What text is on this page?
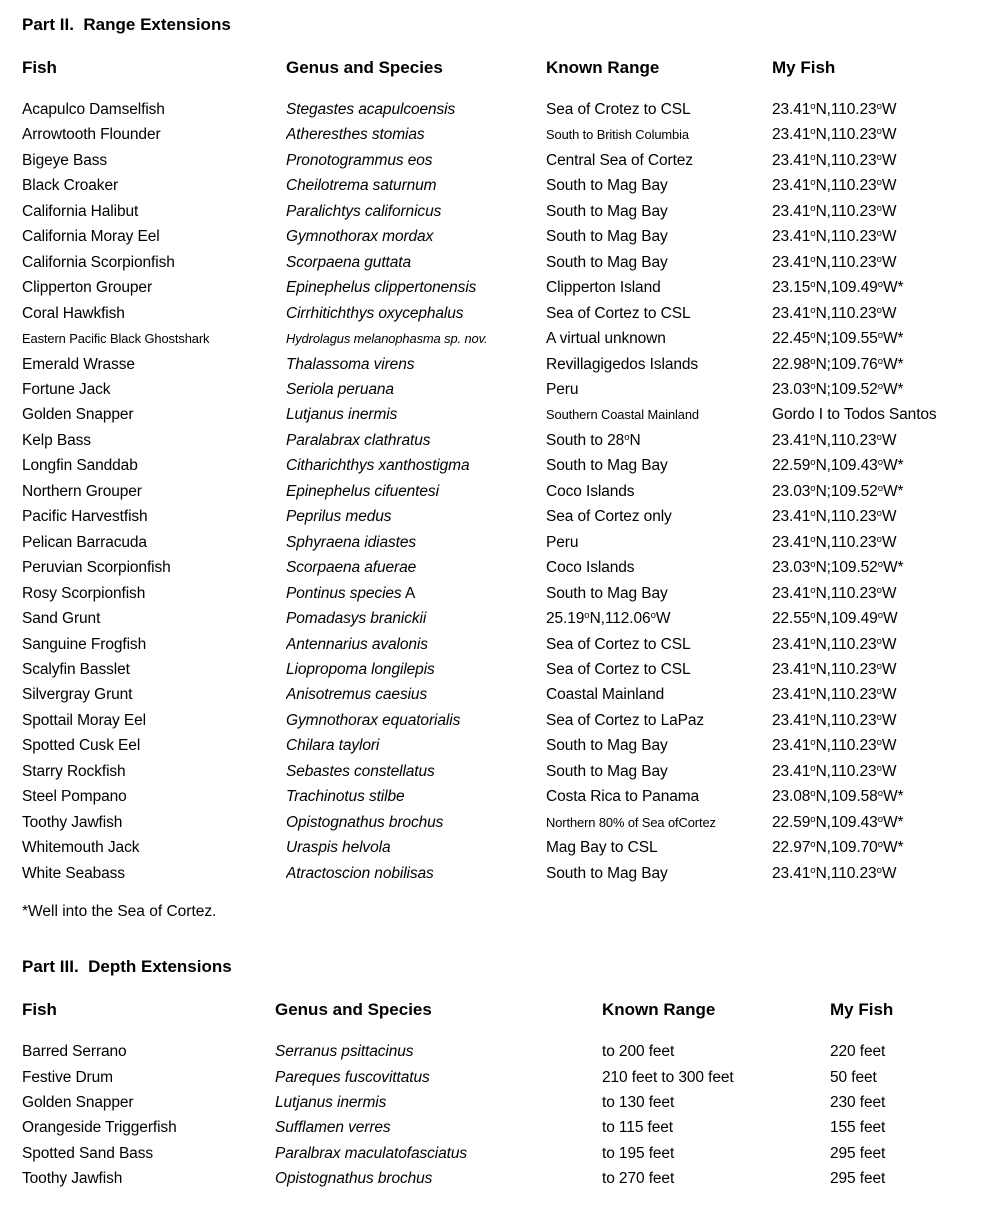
Part II.  Range Extensions
Fish	Genus and Species	Known Range	My Fish
Acapulco Damselfish	Stegastes acapulcoensis	Sea of Crotez to CSL	23.41$^o$N,110.23$^o$W
Arrowtooth Flounder	Atheresthes stomias	South to British Columbia	23.41$^o$N,110.23$^o$W
Bigeye Bass	Pronotogrammus eos	Central Sea of Cortez	23.41$^o$N,110.23$^o$W
Black Croaker	Cheilotrema saturnum	South to Mag Bay	23.41$^o$N,110.23$^o$W
California Halibut	Paralichtys californicus	South to Mag Bay	23.41$^o$N,110.23$^o$W
California Moray Eel	Gymnothorax mordax	South to Mag Bay	23.41$^o$N,110.23$^o$W
California Scorpionfish	Scorpaena guttata	South to Mag Bay	23.41$^o$N,110.23$^o$W
Clipperton Grouper	Epinephelus clippertonensis	Clipperton Island	23.15$^o$N,109.49$^o$W*
Coral Hawkfish	Cirrhitichthys oxycephalus	Sea of Cortez to CSL	23.41$^o$N,110.23$^o$W
Eastern Pacific Black Ghostshark	Hydrolagus melanophasma sp. nov.	A virtual unknown	22.45$^o$N;109.55$^o$W*
Emerald Wrasse	Thalassoma virens	Revillagigedos Islands	22.98$^o$N;109.76$^o$W*
Fortune Jack	Seriola peruana	Peru	23.03$^o$N;109.52$^o$W*
Golden Snapper	Lutjanus inermis	Southern Coastal Mainland	Gordo I to Todos Santos
Kelp Bass	Paralabrax clathratus	South to 28$^o$N	23.41$^o$N,110.23$^o$W
Longfin Sanddab	Citharichthys xanthostigma	South to Mag Bay	22.59$^o$N,109.43$^o$W*
Northern Grouper	Epinephelus cifuentesi	Coco Islands	23.03$^o$N;109.52$^o$W*
Pacific Harvestfish	Peprilus medus	Sea of Cortez only	23.41$^o$N,110.23$^o$W
Pelican Barracuda	Sphyraena idiastes	Peru	23.41$^o$N,110.23$^o$W
Peruvian Scorpionfish	Scorpaena afuerae	Coco Islands	23.03$^o$N;109.52$^o$W*
Rosy Scorpionfish	Pontinus species A	South to Mag Bay	23.41$^o$N,110.23$^o$W
Sand Grunt	Pomadasys branickii	25.19$^o$N,112.06$^o$W	22.55$^o$N,109.49$^o$W
Sanguine Frogfish	Antennarius avalonis	Sea of Cortez to CSL	23.41$^o$N,110.23$^o$W
Scalyfin Basslet	Liopropoma longilepis	Sea of Cortez to CSL	23.41$^o$N,110.23$^o$W
Silvergray Grunt	Anisotremus caesius	Coastal Mainland	23.41$^o$N,110.23$^o$W
Spottail Moray Eel	Gymnothorax equatorialis	Sea of Cortez to LaPaz	23.41$^o$N,110.23$^o$W
Spotted Cusk Eel	Chilara taylori	South to Mag Bay	23.41$^o$N,110.23$^o$W
Starry Rockfish	Sebastes constellatus	South to Mag Bay	23.41$^o$N,110.23$^o$W
Steel Pompano	Trachinotus stilbe	Costa Rica to Panama	23.08$^o$N,109.58$^o$W*
Toothy Jawfish	Opistognathus brochus	Northern 80% of Sea ofCortez	22.59$^o$N,109.43$^o$W*
Whitemouth Jack	Uraspis helvola	Mag Bay to CSL	22.97$^o$N,109.70$^o$W*
White Seabass	Atractoscion nobilisas	South to Mag Bay	23.41$^o$N,110.23$^o$W

*Well into the Sea of Cortez.

Part III.  Depth Extensions
Fish	Genus and Species	Known Range	My Fish
Barred Serrano	Serranus psittacinus	to 200 feet	220 feet
Festive Drum	Pareques fuscovittatus	210 feet to 300 feet	50 feet
Golden Snapper	Lutjanus inermis	to 130 feet	230 feet
Orangeside Triggerfish	Sufflamen verres	to 115 feet	155 feet
Spotted Sand Bass	Paralbrax maculatofasciatus	to 195 feet	295 feet
Toothy Jawfish	Opistognathus brochus	to 270 feet	295 feet
